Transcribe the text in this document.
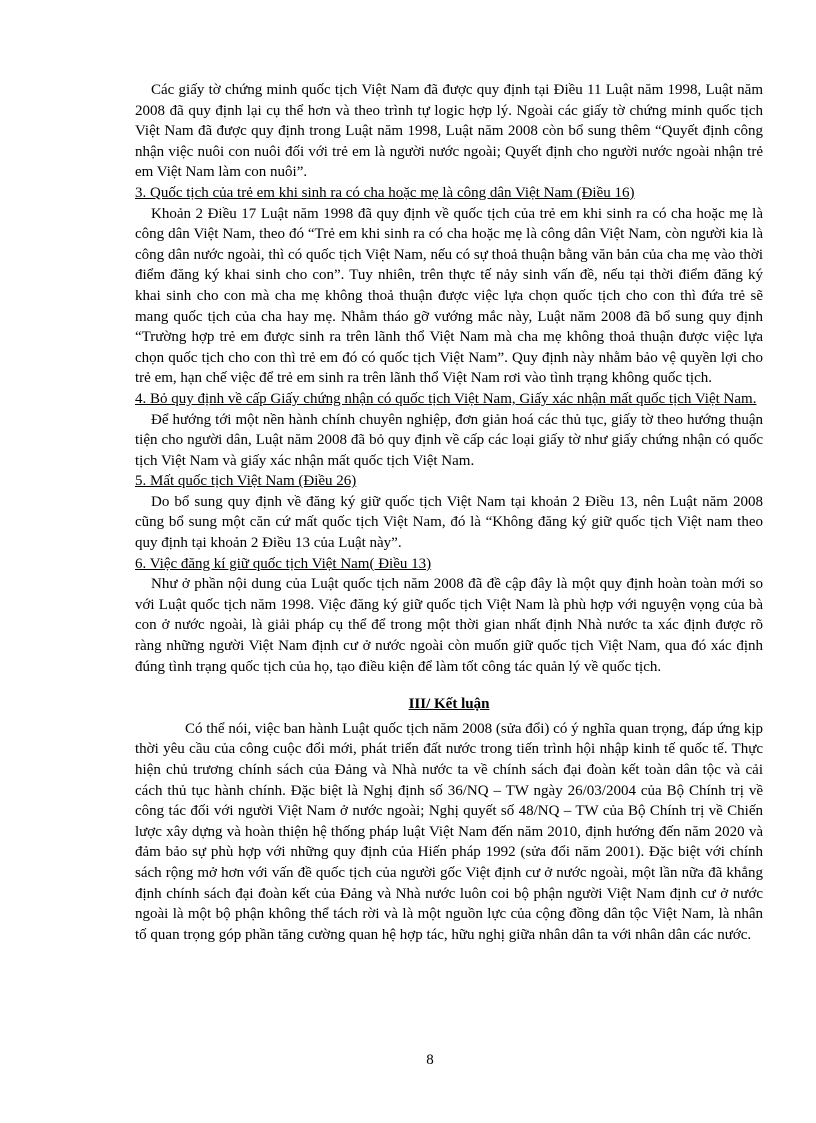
Các giấy tờ chứng minh quốc tịch Việt Nam đã được quy định tại Điều 11 Luật năm 1998, Luật năm 2008 đã quy định lại cụ thể hơn và theo trình tự logic hợp lý. Ngoài các giấy tờ chứng minh quốc tịch Việt Nam đã được quy định trong Luật năm 1998, Luật năm 2008 còn bổ sung thêm “Quyết định công nhận việc nuôi con nuôi đối với trẻ em là người nước ngoài; Quyết định cho người nước ngoài nhận trẻ em Việt Nam làm con nuôi”.

3. Quốc tịch của trẻ em khi sinh ra có cha hoặc mẹ là công dân Việt Nam (Điều 16)

Khoản 2 Điều 17 Luật năm 1998 đã quy định về quốc tịch của trẻ em khi sinh ra có cha hoặc mẹ là công dân Việt Nam, theo đó “Trẻ em khi sinh ra có cha hoặc mẹ là công dân Việt Nam, còn người kia là công dân nước ngoài, thì có quốc tịch Việt Nam, nếu có sự thoả thuận bằng văn bản của cha mẹ vào thời điểm đăng ký khai sinh cho con”. Tuy nhiên, trên thực tế nảy sinh vấn đề, nếu tại thời điểm đăng ký khai sinh cho con mà cha mẹ không thoả thuận được việc lựa chọn quốc tịch cho con thì đứa trẻ sẽ mang quốc tịch của cha hay mẹ. Nhằm tháo gỡ vướng mắc này, Luật năm 2008 đã bổ sung quy định “Trường hợp trẻ em được sinh ra trên lãnh thổ Việt Nam mà cha mẹ không thoả thuận được việc lựa chọn quốc tịch cho con thì trẻ em đó có quốc tịch Việt Nam”. Quy định này nhằm bảo vệ quyền lợi cho trẻ em, hạn chế việc để trẻ em sinh ra trên lãnh thổ Việt Nam rơi vào tình trạng không quốc tịch.

4. Bỏ quy định về cấp Giấy chứng nhận có quốc tịch Việt Nam, Giấy xác nhận mất quốc tịch Việt Nam.

Để hướng tới một nền hành chính chuyên nghiệp, đơn giản hoá các thủ tục, giấy tờ theo hướng thuận tiện cho người dân, Luật năm 2008 đã bỏ quy định về cấp các loại giấy tờ như giấy chứng nhận có quốc tịch Việt Nam và giấy xác nhận mất quốc tịch Việt Nam.

5. Mất quốc tịch Việt Nam (Điều 26)

Do bổ sung quy định về đăng ký giữ quốc tịch Việt Nam tại khoản 2 Điều 13, nên Luật năm 2008 cũng bổ sung một căn cứ mất quốc tịch Việt Nam, đó là “Không đăng ký giữ quốc tịch Việt nam theo quy định tại khoản 2 Điều 13 của Luật này”.

6. Việc đăng kí giữ quốc tịch Việt Nam( Điều 13)

Như ở phần nội dung của Luật quốc tịch năm 2008 đã đề cập đây là một quy định hoàn toàn mới so với Luật quốc tịch năm 1998. Việc đăng ký giữ quốc tịch Việt Nam là phù hợp với nguyện vọng của bà con ở nước ngoài, là giải pháp cụ thể để trong một thời gian nhất định Nhà nước ta xác định được rõ ràng những người Việt Nam định cư ở nước ngoài còn muốn giữ quốc tịch Việt Nam, qua đó xác định đúng tình trạng quốc tịch của họ, tạo điều kiện để làm tốt công tác quản lý về quốc tịch.

III/ Kết luận

Có thể nói, việc ban hành Luật quốc tịch năm 2008 (sửa đổi) có ý nghĩa quan trọng, đáp ứng kịp thời yêu cầu của công cuộc đổi mới, phát triển đất nước trong tiến trình hội nhập kinh tế quốc tế. Thực hiện chủ trương chính sách của Đảng và Nhà nước ta về chính sách đại đoàn kết toàn dân tộc và cải cách thủ tục hành chính. Đặc biệt là Nghị định số 36/NQ – TW ngày 26/03/2004 của Bộ Chính trị về công tác đối với người Việt Nam ở nước ngoài; Nghị quyết số 48/NQ – TW của Bộ Chính trị về Chiến lược xây dựng và hoàn thiện hệ thống pháp luật Việt Nam đến năm 2010, định hướng đến năm 2020 và đảm bảo sự phù hợp với những quy định của Hiến pháp 1992 (sửa đổi năm 2001). Đặc biệt với chính sách rộng mở hơn với vấn đề quốc tịch của người gốc Việt định cư ở nước ngoài, một lần nữa đã khẳng định chính sách đại đoàn kết của Đảng và Nhà nước luôn coi bộ phận người Việt Nam định cư ở nước ngoài là một bộ phận không thể tách rời và là một nguồn lực của cộng đồng dân tộc Việt Nam, là nhân tố quan trọng góp phần tăng cường quan hệ hợp tác, hữu nghị giữa nhân dân ta với nhân dân các nước.

8
